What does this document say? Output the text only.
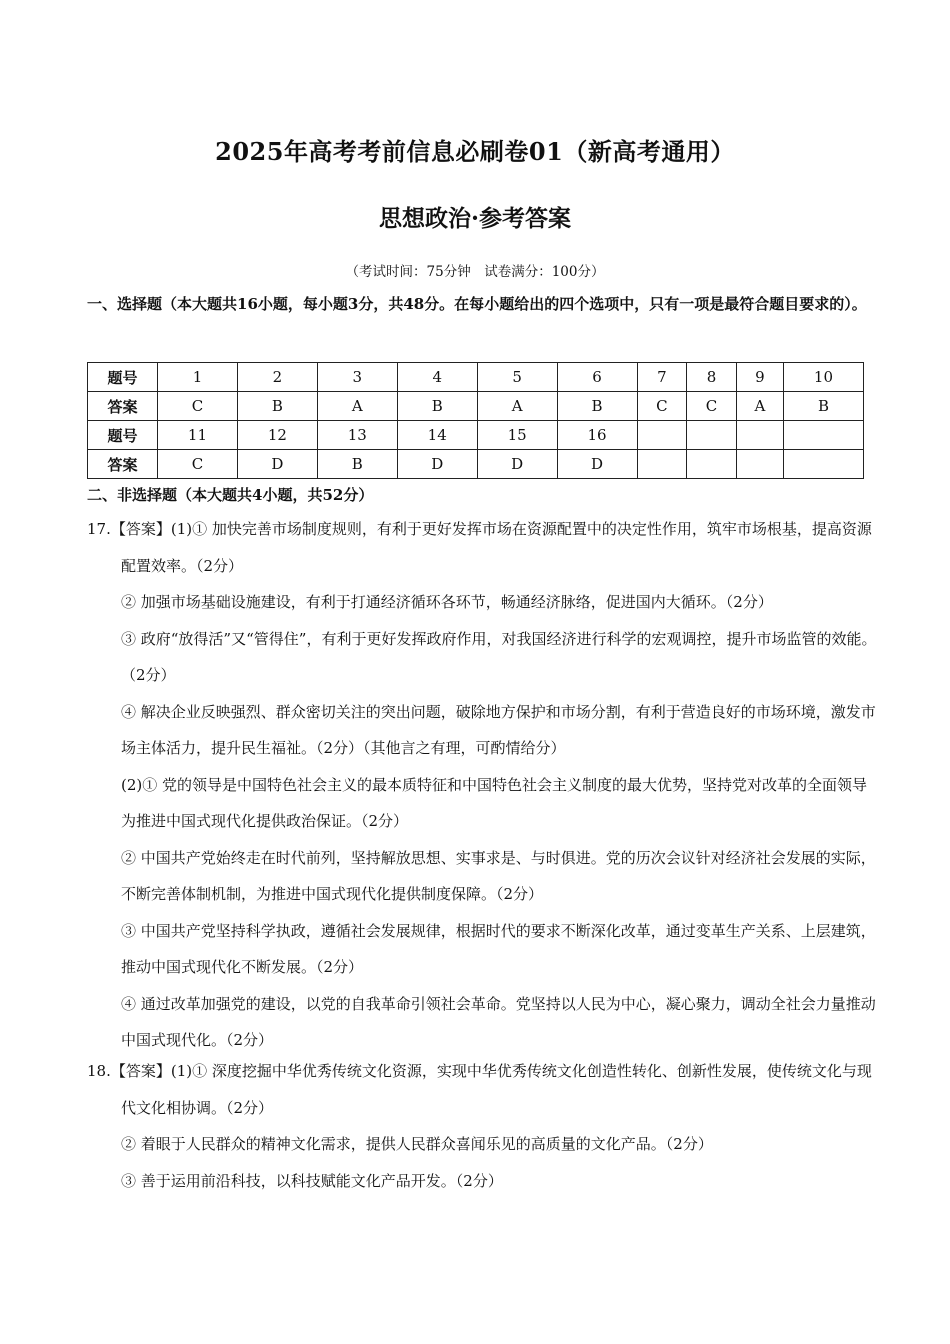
2025年高考考前信息必刷卷01（新高考通用）
思想政治·参考答案
（考试时间：75分钟　试卷满分：100分）
一、选择题（本大题共16小题，每小题3分，共48分。在每小题给出的四个选项中，只有一项是最符合题目要求的）。
题号	1	2	3	4	5	6	7	8	9	10
答案	C	B	A	B	A	B	C	C	A	B
题号	11	12	13	14	15	16				
答案	C	D	B	D	D	D				
二、非选择题（本大题共4小题，共52分）
17.【答案】(1)① 加快完善市场制度规则，有利于更好发挥市场在资源配置中的决定性作用，筑牢市场根基，提高资源配置效率。（2分）
② 加强市场基础设施建设，有利于打通经济循环各环节，畅通经济脉络，促进国内大循环。（2分）
③ 政府“放得活”又“管得住”，有利于更好发挥政府作用，对我国经济进行科学的宏观调控，提升市场监管的效能。（2分）
④ 解决企业反映强烈、群众密切关注的突出问题，破除地方保护和市场分割，有利于营造良好的市场环境，激发市场主体活力，提升民生福祉。（2分）（其他言之有理，可酌情给分）
(2)① 党的领导是中国特色社会主义的最本质特征和中国特色社会主义制度的最大优势，坚持党对改革的全面领导为推进中国式现代化提供政治保证。（2分）
② 中国共产党始终走在时代前列，坚持解放思想、实事求是、与时俱进。党的历次会议针对经济社会发展的实际，不断完善体制机制，为推进中国式现代化提供制度保障。（2分）
③ 中国共产党坚持科学执政，遵循社会发展规律，根据时代的要求不断深化改革，通过变革生产关系、上层建筑，推动中国式现代化不断发展。（2分）
④ 通过改革加强党的建设，以党的自我革命引领社会革命。党坚持以人民为中心，凝心聚力，调动全社会力量推动中国式现代化。（2分）
18.【答案】(1)① 深度挖掘中华优秀传统文化资源，实现中华优秀传统文化创造性转化、创新性发展，使传统文化与现代文化相协调。（2分）
② 着眼于人民群众的精神文化需求，提供人民群众喜闻乐见的高质量的文化产品。（2分）
③ 善于运用前沿科技，以科技赋能文化产品开发。（2分）
